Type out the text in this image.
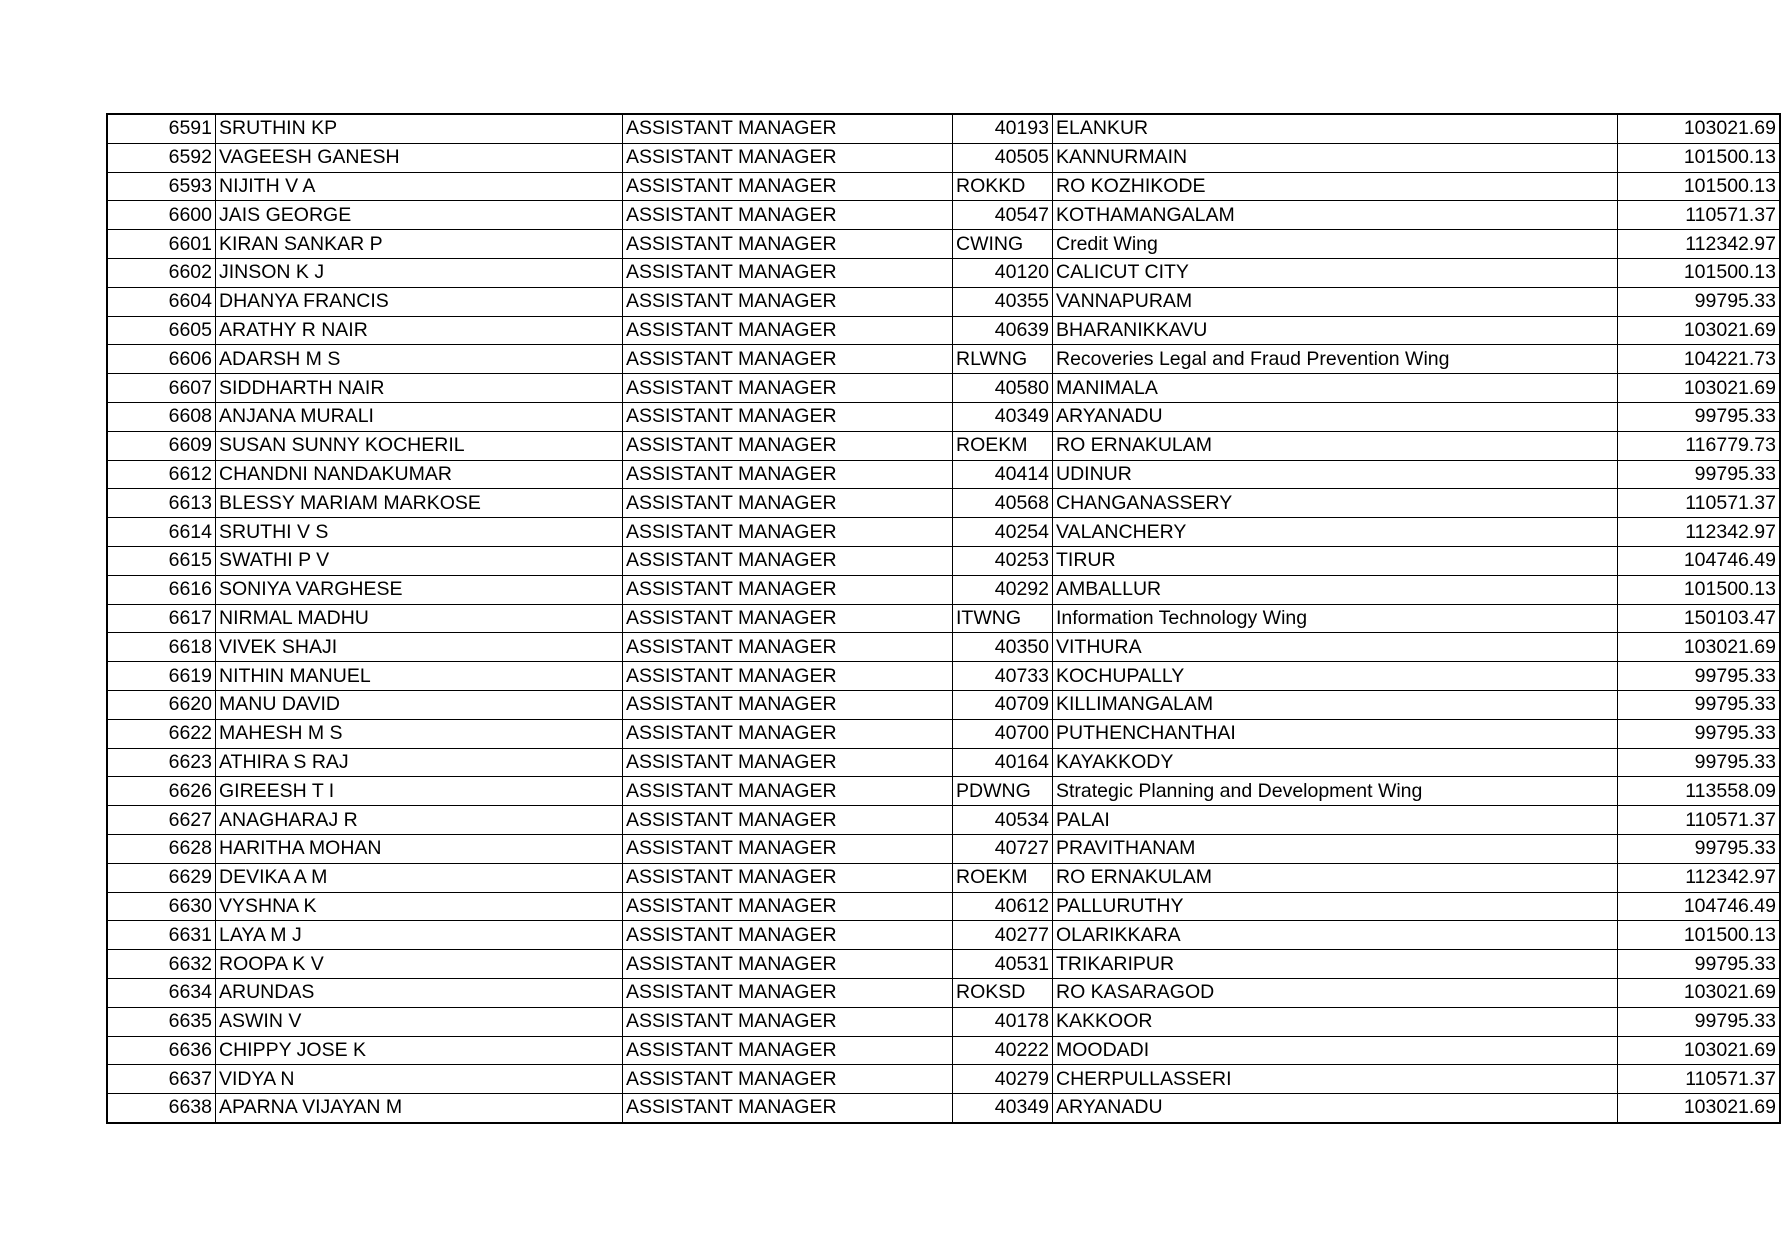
6591	SRUTHIN KP	ASSISTANT MANAGER	40193	ELANKUR	103021.69
6592	VAGEESH GANESH	ASSISTANT MANAGER	40505	KANNURMAIN	101500.13
6593	NIJITH V A	ASSISTANT MANAGER	ROKKD	RO KOZHIKODE	101500.13
6600	JAIS GEORGE	ASSISTANT MANAGER	40547	KOTHAMANGALAM	110571.37
6601	KIRAN SANKAR P	ASSISTANT MANAGER	CWING	Credit Wing	112342.97
6602	JINSON K J	ASSISTANT MANAGER	40120	CALICUT CITY	101500.13
6604	DHANYA FRANCIS	ASSISTANT MANAGER	40355	VANNAPURAM	99795.33
6605	ARATHY R NAIR	ASSISTANT MANAGER	40639	BHARANIKKAVU	103021.69
6606	ADARSH M S	ASSISTANT MANAGER	RLWNG	Recoveries Legal and Fraud Prevention Wing	104221.73
6607	SIDDHARTH NAIR	ASSISTANT MANAGER	40580	MANIMALA	103021.69
6608	ANJANA MURALI	ASSISTANT MANAGER	40349	ARYANADU	99795.33
6609	SUSAN SUNNY KOCHERIL	ASSISTANT MANAGER	ROEKM	RO ERNAKULAM	116779.73
6612	CHANDNI NANDAKUMAR	ASSISTANT MANAGER	40414	UDINUR	99795.33
6613	BLESSY MARIAM MARKOSE	ASSISTANT MANAGER	40568	CHANGANASSERY	110571.37
6614	SRUTHI V S	ASSISTANT MANAGER	40254	VALANCHERY	112342.97
6615	SWATHI P V	ASSISTANT MANAGER	40253	TIRUR	104746.49
6616	SONIYA VARGHESE	ASSISTANT MANAGER	40292	AMBALLUR	101500.13
6617	NIRMAL MADHU	ASSISTANT MANAGER	ITWNG	Information Technology Wing	150103.47
6618	VIVEK SHAJI	ASSISTANT MANAGER	40350	VITHURA	103021.69
6619	NITHIN MANUEL	ASSISTANT MANAGER	40733	KOCHUPALLY	99795.33
6620	MANU DAVID	ASSISTANT MANAGER	40709	KILLIMANGALAM	99795.33
6622	MAHESH M S	ASSISTANT MANAGER	40700	PUTHENCHANTHAI	99795.33
6623	ATHIRA S RAJ	ASSISTANT MANAGER	40164	KAYAKKODY	99795.33
6626	GIREESH T I	ASSISTANT MANAGER	PDWNG	Strategic Planning and Development Wing	113558.09
6627	ANAGHARAJ R	ASSISTANT MANAGER	40534	PALAI	110571.37
6628	HARITHA MOHAN	ASSISTANT MANAGER	40727	PRAVITHANAM	99795.33
6629	DEVIKA A M	ASSISTANT MANAGER	ROEKM	RO ERNAKULAM	112342.97
6630	VYSHNA K	ASSISTANT MANAGER	40612	PALLURUTHY	104746.49
6631	LAYA M J	ASSISTANT MANAGER	40277	OLARIKKARA	101500.13
6632	ROOPA K V	ASSISTANT MANAGER	40531	TRIKARIPUR	99795.33
6634	ARUNDAS	ASSISTANT MANAGER	ROKSD	RO KASARAGOD	103021.69
6635	ASWIN V	ASSISTANT MANAGER	40178	KAKKOOR	99795.33
6636	CHIPPY JOSE K	ASSISTANT MANAGER	40222	MOODADI	103021.69
6637	VIDYA N	ASSISTANT MANAGER	40279	CHERPULLASSERI	110571.37
6638	APARNA VIJAYAN M	ASSISTANT MANAGER	40349	ARYANADU	103021.69
